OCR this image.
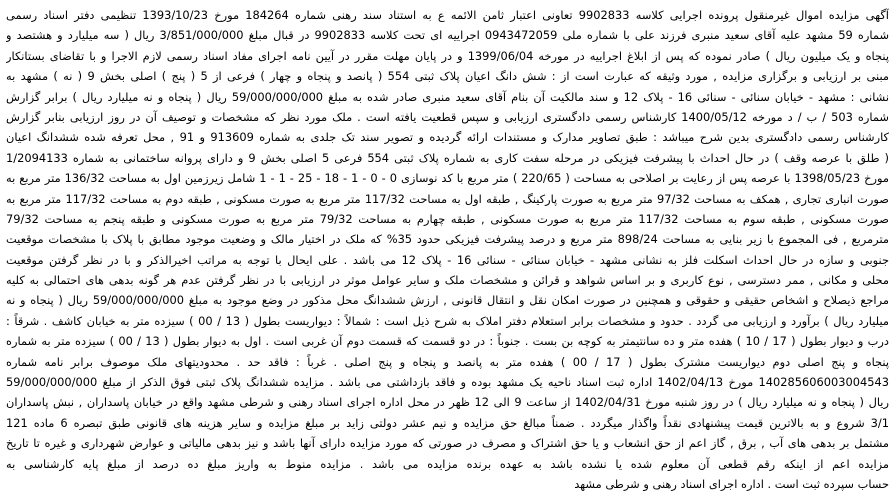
آگهی مزایده اموال غیرمنقول پرونده اجرایی کلاسه 9902833 تعاونی اعتبار ثامن الائمه ع به استناد سند رهنی شماره 184264 مورخ 1393/10/23 تنظیمی دفتر اسناد رسمی
شماره 59 مشهد علیه آقای سعید منبری فرزند علی با شماره ملی 0943472059 اجراییه ای تحت کلاسه 9902833 در قبال مبلغ 3/851/000/000 ریال ( سه میلیارد و هشتصد و
پنجاه و یک میلیون ریال ) صادر نموده که پس از ابلاغ اجراییه در مورخه 1399/06/04 و در پایان مهلت مقرر در آیین نامه اجرای مفاد اسناد رسمی لازم الاجرا و با تقاضای بستانکار
مبنی بر ارزیابی و برگزاری مزایده , مورد وثیقه که عبارت است از : شش دانگ اعیان پلاک ثبتی 554 ( پانصد و پنجاه و چهار ) فرعی از 5 ( پنج ) اصلی بخش 9 ( نه ) مشهد به
نشانی : مشهد - خیابان سنائی - سنائی 16 - پلاک 12 و سند مالکیت آن بنام آقای سعید منبری صادر شده به مبلغ 59/000/000/000 ریال ( پنجاه و نه میلیارد ریال ) برابر گزارش
شماره 503 / ب / د مورخه 1400/05/12 کارشناس رسمی دادگستری ارزیابی و سپس قطعیت یافته است . ملک مورد نظر که مشخصات و توصیف آن در روز ارزیابی بنابر گزارش
کارشناس رسمی دادگستری بدین شرح میباشد : طبق تصاویر مدارک و مستندات ارائه گردیده و تصویر سند تک جلدی به شماره 913609 و 91 , محل تعرفه شده ششدانگ اعیان
( طلق با عرصه وقف ) در حال احداث با پیشرفت فیزیکی در مرحله سفت کاری به شماره پلاک ثبتی 554 فرعی 5 اصلی بخش 9 و دارای پروانه ساختمانی به شماره 1/2094133
مورخ 1398/05/23 با عرصه پس از رعایت بر اصلاحی به مساحت ( 220/65 ) متر مربع با کد نوسازی 0 - 0 - 1 - 18 - 25 - 1 - 1 شامل زیرزمین اول به مساحت 136/32 متر مربع به
صورت انباری تجاری , همکف به مساحت 97/32 متر مربع به صورت پارکینگ , طبقه اول به مساحت 117/32 متر مربع به صورت مسکونی , طبقه دوم به مساحت 117/32 متر مربع به
صورت مسکونی , طبقه سوم به مساحت 117/32 متر مربع به صورت مسکونی , طبقه چهارم به مساحت 79/32 متر مربع به صورت مسکونی و طبقه پنجم به مساحت 79/32
مترمربع , فی المجموع با زیر بنایی به مساحت 898/24 متر مربع و درصد پیشرفت فیزیکی حدود 35% که ملک در اختیار مالک و وضعیت موجود مطابق با پلاک با مشخصات موقعیت
جنوبی و سازه در حال احداث اسکلت فلز به نشانی مشهد - خیابان سنائی - سنائی 16 - پلاک 12 می باشد . علی ایحال با توجه به مراتب اخیرالذکر و با در نظر گرفتن موقعیت
محلی و مکانی , ممر دسترسی , نوع کاربری و بر اساس شواهد و قرائن و مشخصات ملک و سایر عوامل موثر در ارزیابی با در نظر گرفتن عدم هر گونه بدهی های احتمالی به کلیه
مراجع ذیصلاح و اشخاص حقیقی و حقوقی و همچنین در صورت امکان نقل و انتقال قانونی , ارزش ششدانگ محل مذکور در وضع موجود به مبلغ 59/000/000/000 ریال ( پنجاه و نه
میلیارد ریال ) برآورد و ارزیابی می گردد . حدود و مشخصات برابر استعلام دفتر املاک به شرح ذیل است : شمالاً : دیواریست بطول ( 13 / 00 ) سیزده متر به خیابان کاشف . شرقاً :
درب و دیوار بطول ( 17 / 10 ) هفده متر و ده سانتیمتر به کوچه بن بست . جنوباً : در دو قسمت که قسمت دوم آن غربی است . اول به دیوار بطول ( 13 / 00 ) سیزده متر به شماره
پنجاه و پنج اصلی دوم دیواریست مشترک بطول ( 17 / 00 ) هفده متر به پانصد و پنجاه و پنج اصلی . غرباً : فاقد حد . محدودیتهای ملک موصوف برابر نامه شماره
140285606003004543 مورخ 1402/04/13 اداره ثبت اسناد ناحیه یک مشهد بوده و فاقد بازداشتی می باشد . مزایده ششدانگ پلاک ثبتی فوق الذکر از مبلغ 59/000/000/000
ریال ( پنجاه و نه میلیارد ریال ) در روز شنبه مورخ 1402/04/31 از ساعت 9 الی 12 ظهر در محل اداره اجرای اسناد رهنی و شرطی مشهد واقع در خیابان پاسداران , نبش پاسداران
3/1 شروع و به بالاترین قیمت پیشنهادی نقداً واگذار میگردد . ضمناً مبالغ حق مزایده و نیم عشر دولتی زاید بر مبلغ مزایده و سایر هزینه های قانونی طبق تبصره 6 ماده 121
مشتمل بر بدهی های آب , برق , گاز اعم از حق انشعاب و یا حق اشتراک و مصرف در صورتی که مورد مزایده دارای آنها باشد و نیز بدهی مالیاتی و عوارض شهرداری و غیره تا تاریخ
مزایده اعم از اینکه رقم قطعی آن معلوم شده یا نشده باشد به عهده برنده مزایده می باشد . مزایده منوط به واریز مبلغ ده درصد از مبلغ پایه کارشناسی به
حساب سپرده ثبت است . اداره اجرای اسناد رهنی و شرطی مشهد
